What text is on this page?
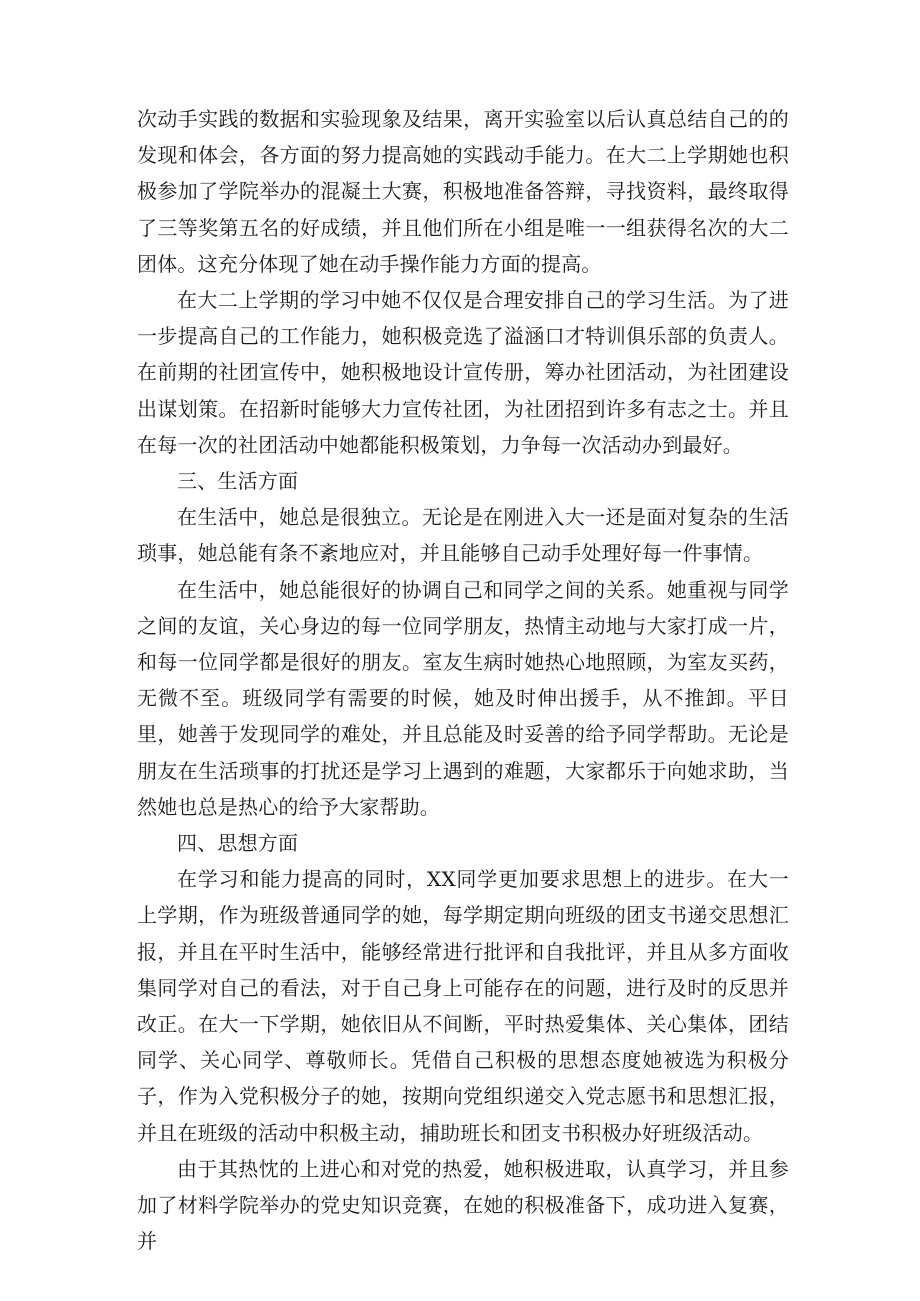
次动手实践的数据和实验现象及结果，离开实验室以后认真总结自己的的发现和体会，各方面的努力提高她的实践动手能力。在大二上学期她也积极参加了学院举办的混凝土大赛，积极地准备答辩，寻找资料，最终取得了三等奖第五名的好成绩，并且他们所在小组是唯一一组获得名次的大二团体。这充分体现了她在动手操作能力方面的提高。

在大二上学期的学习中她不仅仅是合理安排自己的学习生活。为了进一步提高自己的工作能力，她积极竞选了溢涵口才特训俱乐部的负责人。在前期的社团宣传中，她积极地设计宣传册，筹办社团活动，为社团建设出谋划策。在招新时能够大力宣传社团，为社团招到许多有志之士。并且在每一次的社团活动中她都能积极策划，力争每一次活动办到最好。

三、生活方面

在生活中，她总是很独立。无论是在刚进入大一还是面对复杂的生活琐事，她总能有条不紊地应对，并且能够自己动手处理好每一件事情。

在生活中，她总能很好的协调自己和同学之间的关系。她重视与同学之间的友谊，关心身边的每一位同学朋友，热情主动地与大家打成一片，和每一位同学都是很好的朋友。室友生病时她热心地照顾，为室友买药，无微不至。班级同学有需要的时候，她及时伸出援手，从不推卸。平日里，她善于发现同学的难处，并且总能及时妥善的给予同学帮助。无论是朋友在生活琐事的打扰还是学习上遇到的难题，大家都乐于向她求助，当然她也总是热心的给予大家帮助。

四、思想方面

在学习和能力提高的同时，XX同学更加要求思想上的进步。在大一上学期，作为班级普通同学的她，每学期定期向班级的团支书递交思想汇报，并且在平时生活中，能够经常进行批评和自我批评，并且从多方面收集同学对自己的看法，对于自己身上可能存在的问题，进行及时的反思并改正。在大一下学期，她依旧从不间断，平时热爱集体、关心集体，团结同学、关心同学、尊敬师长。凭借自己积极的思想态度她被选为积极分子，作为入党积极分子的她，按期向党组织递交入党志愿书和思想汇报，并且在班级的活动中积极主动，捕助班长和团支书积极办好班级活动。

由于其热忱的上进心和对党的热爱，她积极进取，认真学习，并且参加了材料学院举办的党史知识竞赛，在她的积极准备下，成功进入复赛，并
